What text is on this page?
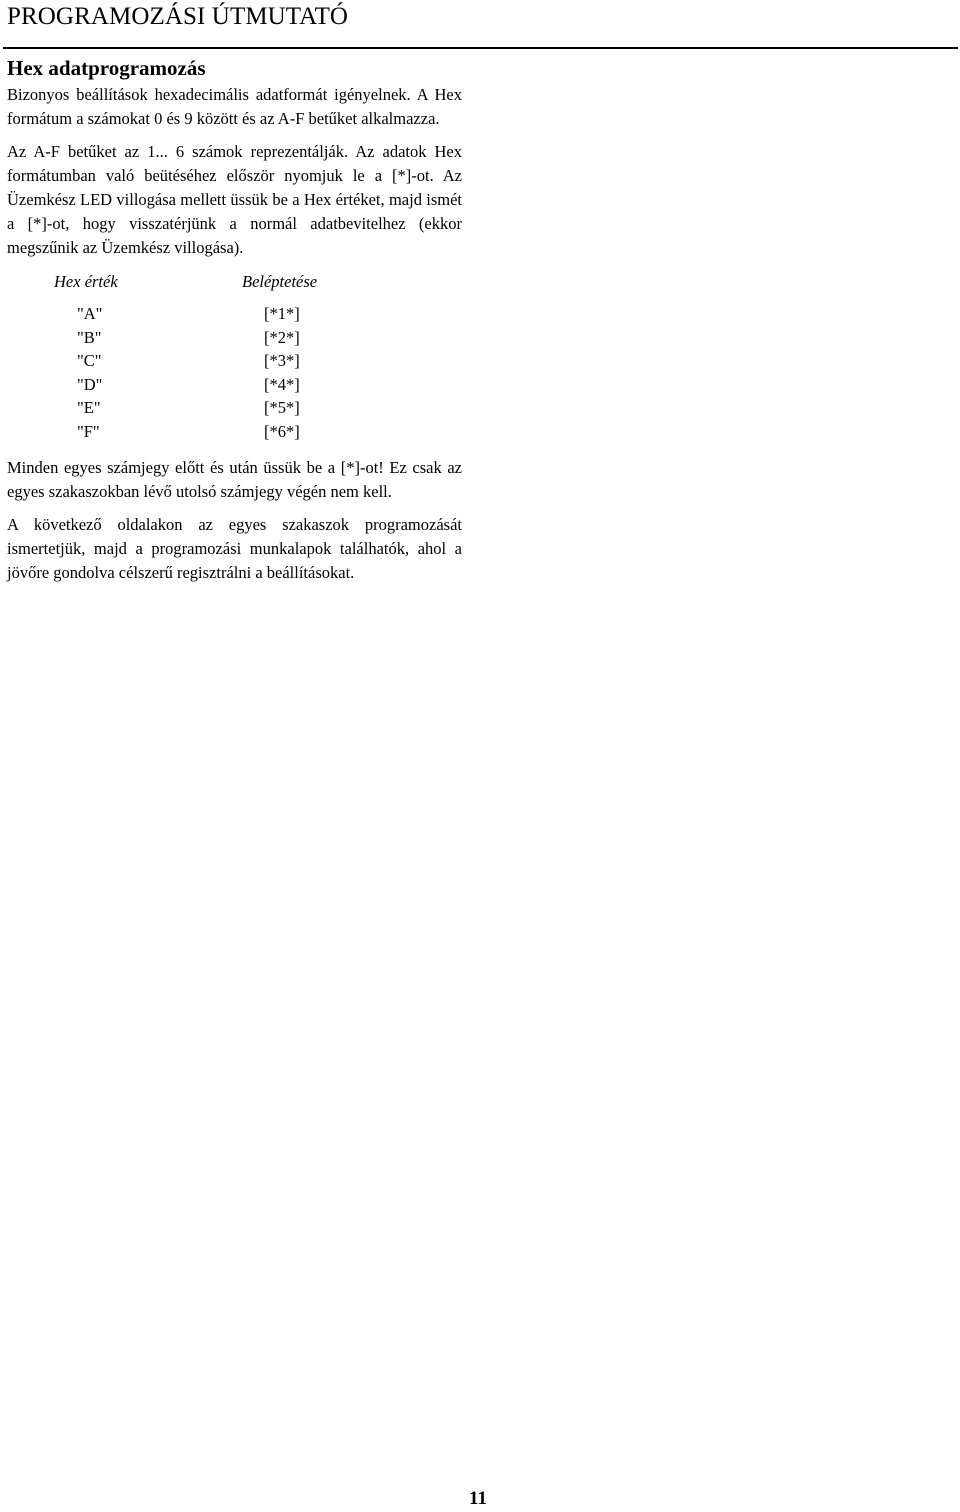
PROGRAMOZÁSI ÚTMUTATÓ
Hex adatprogramozás

Bizonyos beállítások hexadecimális adatformát igényelnek. A Hex formátum a számokat 0 és 9 között és az A-F betűket alkalmazza.

Az A-F betűket az 1... 6 számok reprezentálják. Az adatok Hex formátumban való beütéséhez először nyomjuk le a [*]-ot. Az Üzemkész LED villogása mellett üssük be a Hex értéket, majd ismét a [*]-ot, hogy visszatérjünk a normál adatbevitelhez (ekkor megszűnik az Üzemkész villogása).

Hex érték	Beléptetése
"A"	[*1*]
"B"	[*2*]
"C"	[*3*]
"D"	[*4*]
"E"	[*5*]
"F"	[*6*]

Minden egyes számjegy előtt és után üssük be a [*]-ot! Ez csak az egyes szakaszokban lévő utolsó számjegy végén nem kell.

A következő oldalakon az egyes szakaszok programozását ismertetjük, majd a programozási munkalapok találhatók, ahol a jövőre gondolva célszerű regisztrálni a beállításokat.

11
